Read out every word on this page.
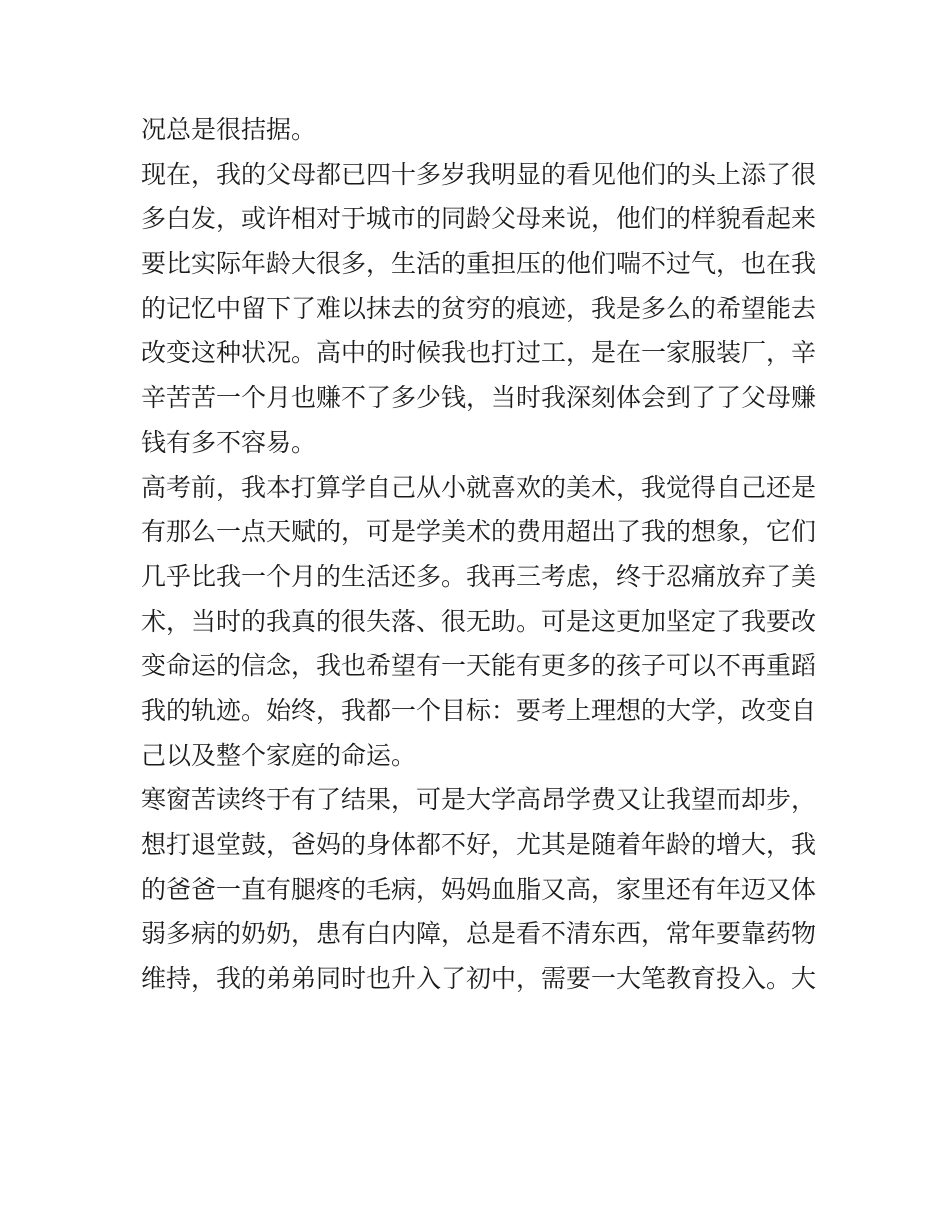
况总是很拮据。
现在，我的父母都已四十多岁我明显的看见他们的头上添了很
多白发，或许相对于城市的同龄父母来说，他们的样貌看起来
要比实际年龄大很多，生活的重担压的他们喘不过气，也在我
的记忆中留下了难以抹去的贫穷的痕迹，我是多么的希望能去
改变这种状况。高中的时候我也打过工，是在一家服装厂，辛
辛苦苦一个月也赚不了多少钱，当时我深刻体会到了了父母赚
钱有多不容易。
高考前，我本打算学自己从小就喜欢的美术，我觉得自己还是
有那么一点天赋的，可是学美术的费用超出了我的想象，它们
几乎比我一个月的生活还多。我再三考虑，终于忍痛放弃了美
术，当时的我真的很失落、很无助。可是这更加坚定了我要改
变命运的信念，我也希望有一天能有更多的孩子可以不再重蹈
我的轨迹。始终，我都一个目标：要考上理想的大学，改变自
己以及整个家庭的命运。
寒窗苦读终于有了结果，可是大学高昂学费又让我望而却步，
想打退堂鼓，爸妈的身体都不好，尤其是随着年龄的增大，我
的爸爸一直有腿疼的毛病，妈妈血脂又高，家里还有年迈又体
弱多病的奶奶，患有白内障，总是看不清东西，常年要靠药物
维持，我的弟弟同时也升入了初中，需要一大笔教育投入。大
